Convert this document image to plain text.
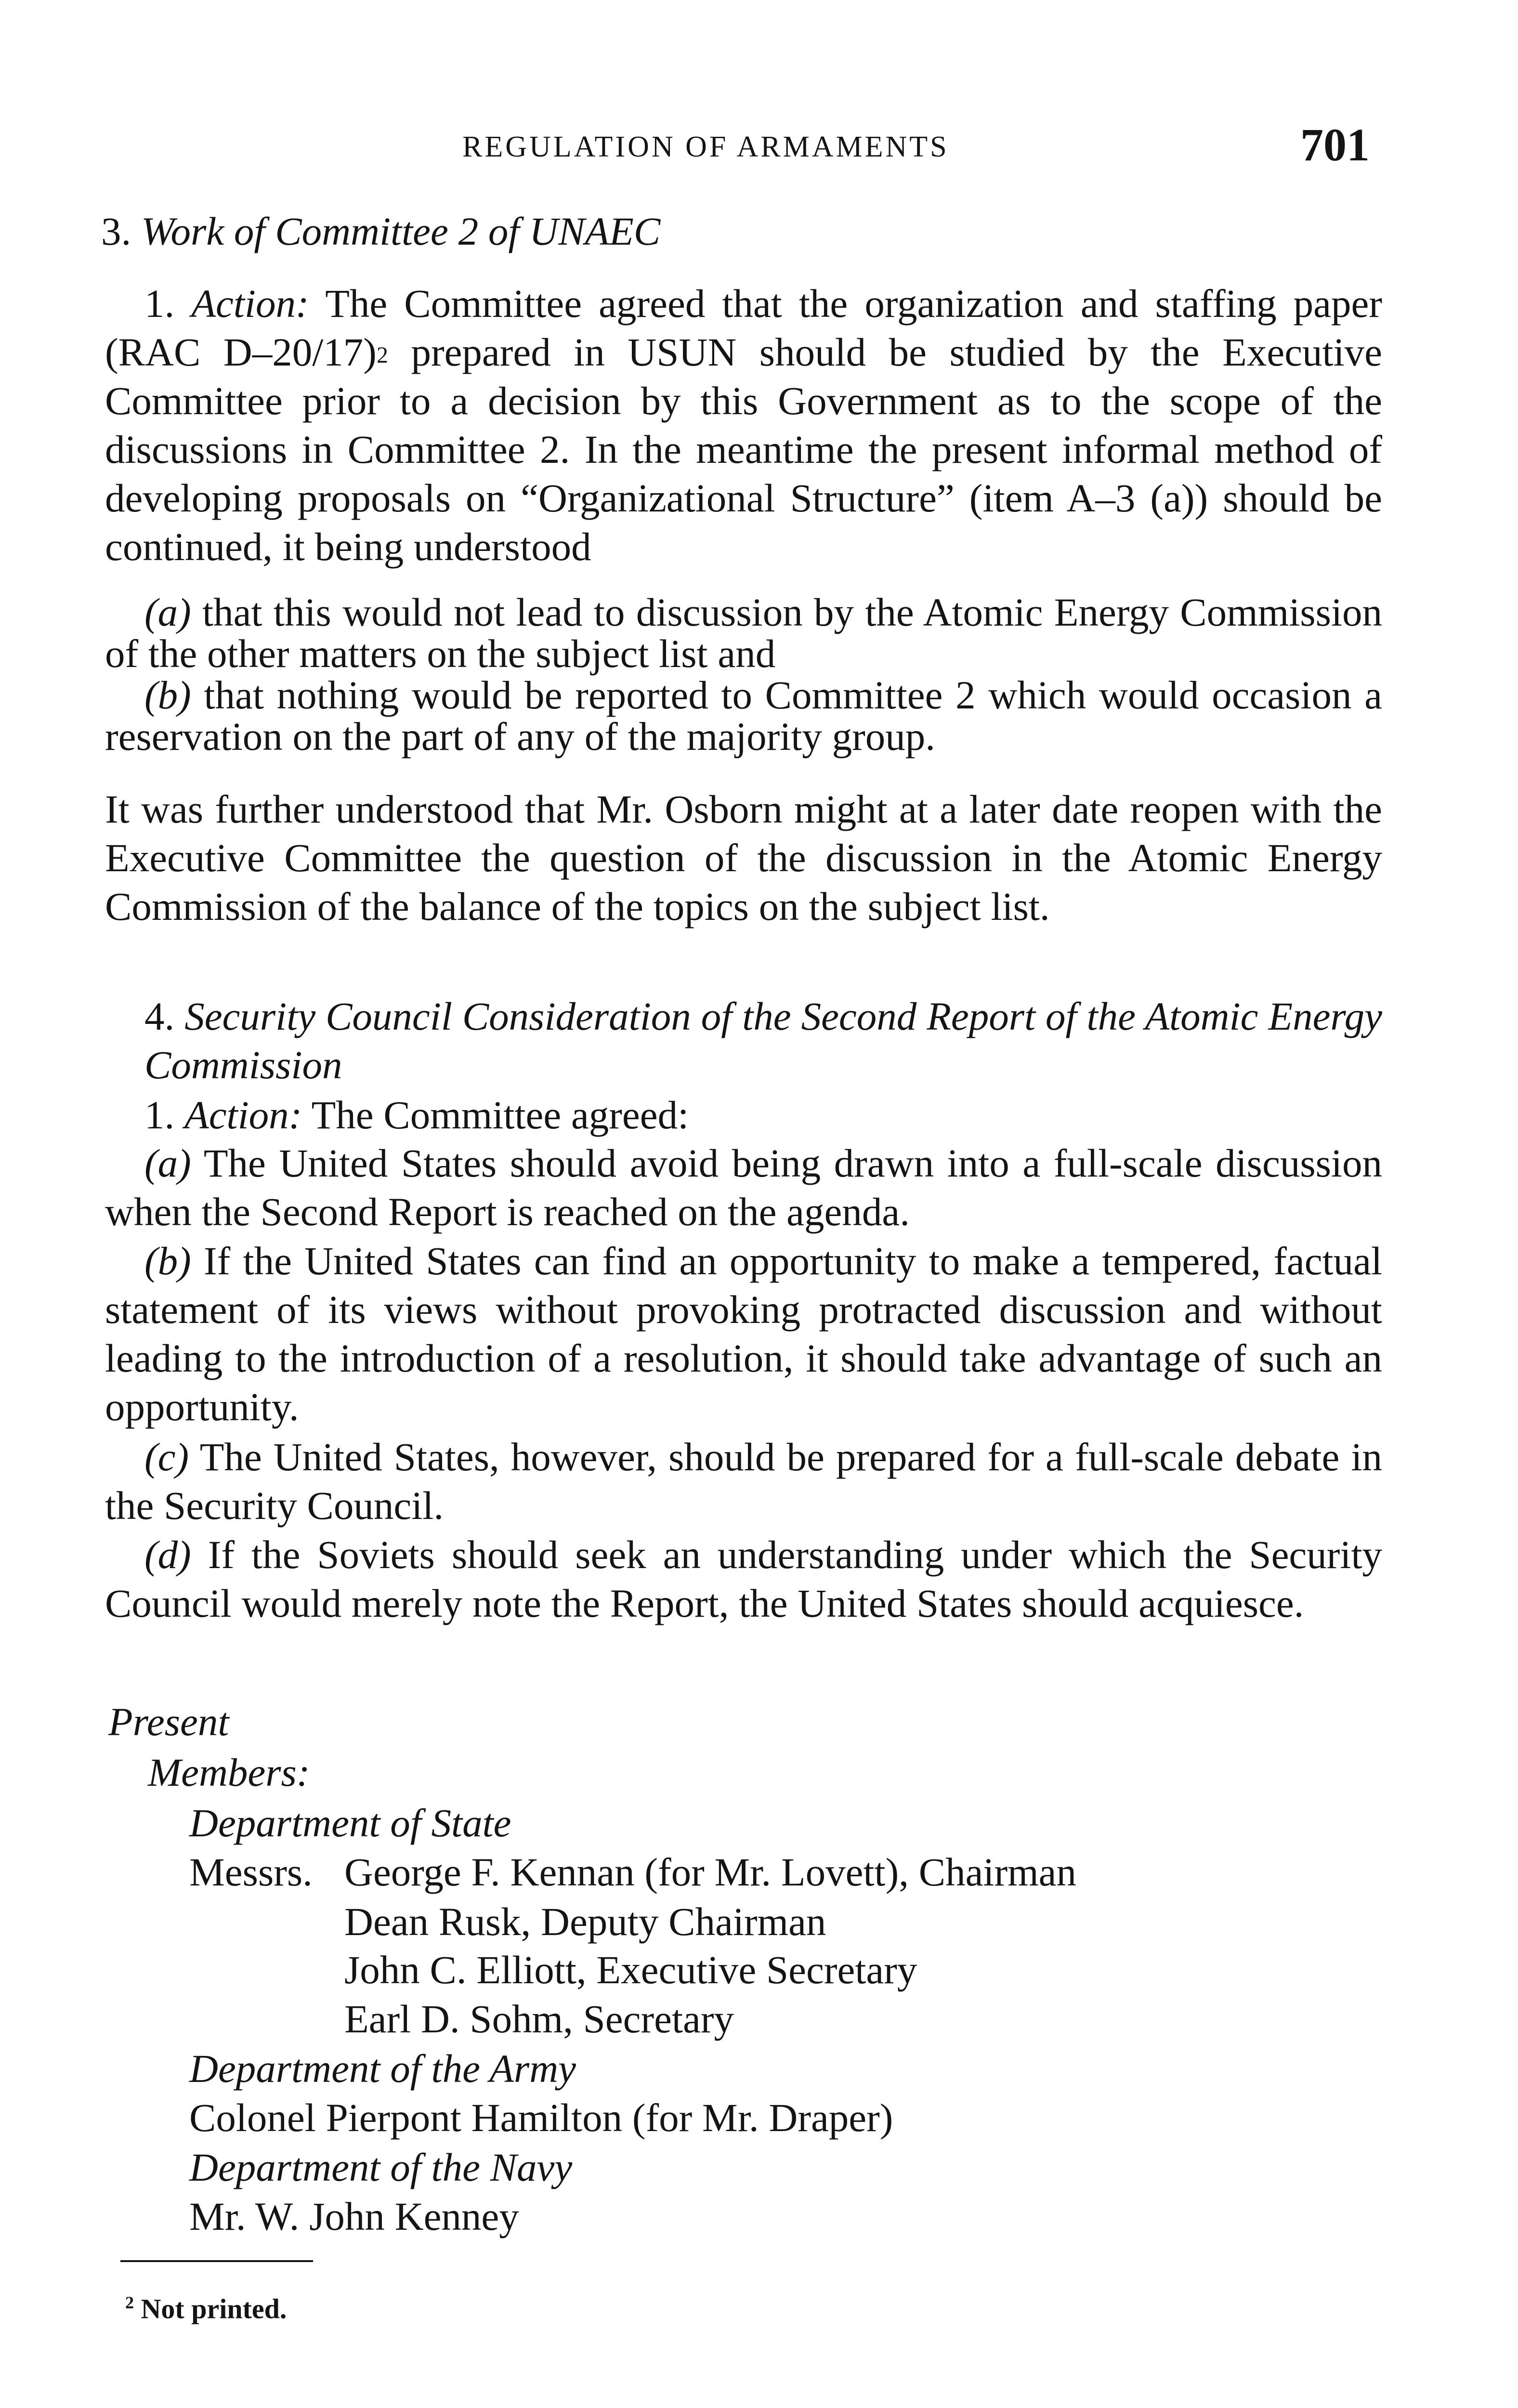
REGULATION OF ARMAMENTS	701
3. Work of Committee 2 of UNAEC
1. Action: The Committee agreed that the organization and staffing paper (RAC D–20/17)$^2$ prepared in USUN should be studied by the Executive Committee prior to a decision by this Government as to the scope of the discussions in Committee 2. In the meantime the present informal method of developing proposals on “Organizational Structure” (item A–3 (a)) should be continued, it being understood
(a) that this would not lead to discussion by the Atomic Energy Commission of the other matters on the subject list and
(b) that nothing would be reported to Committee 2 which would occasion a reservation on the part of any of the majority group.
It was further understood that Mr. Osborn might at a later date reopen with the Executive Committee the question of the discussion in the Atomic Energy Commission of the balance of the topics on the subject list.
4. Security Council Consideration of the Second Report of the Atomic Energy Commission
1. Action: The Committee agreed:
(a) The United States should avoid being drawn into a full-scale discussion when the Second Report is reached on the agenda.
(b) If the United States can find an opportunity to make a tempered, factual statement of its views without provoking protracted discussion and without leading to the introduction of a resolution, it should take advantage of such an opportunity.
(c) The United States, however, should be prepared for a full-scale debate in the Security Council.
(d) If the Soviets should seek an understanding under which the Security Council would merely note the Report, the United States should acquiesce.
Present
Members:
Department of State
Messrs. George F. Kennan (for Mr. Lovett), Chairman
Dean Rusk, Deputy Chairman
John C. Elliott, Executive Secretary
Earl D. Sohm, Secretary
Department of the Army
Colonel Pierpont Hamilton (for Mr. Draper)
Department of the Navy
Mr. W. John Kenney
$^2$ Not printed.
